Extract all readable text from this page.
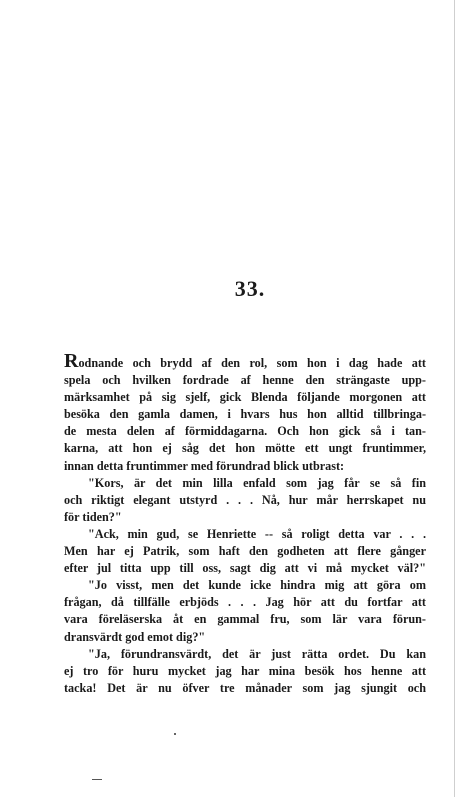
33.
Rodnande och brydd af den rol, som hon i dag hade att
spela och hvilken fordrade af henne den strängaste upp-
märksamhet på sig sjelf, gick Blenda följande morgonen att
besöka den gamla damen, i hvars hus hon alltid tillbringa-
de mesta delen af förmiddagarna. Och hon gick så i tan-
karna, att hon ej såg det hon mötte ett ungt fruntimmer,
innan detta fruntimmer med förundrad blick utbrast:
"Kors, är det min lilla enfald som jag får se så fin
och riktigt elegant utstyrd . . . Nå, hur mår herrskapet nu
för tiden?"
"Ack, min gud, se Henriette -- så roligt detta var . . .
Men har ej Patrik, som haft den godheten att flere gånger
efter jul titta upp till oss, sagt dig att vi må mycket väl?"
"Jo visst, men det kunde icke hindra mig att göra om
frågan, då tillfälle erbjöds . . . Jag hör att du fortfar att
vara föreläserska åt en gammal fru, som lär vara förun-
dransvärdt god emot dig?"
"Ja, förundransvärdt, det är just rätta ordet. Du kan
ej tro för huru mycket jag har mina besök hos henne att
tacka! Det är nu öfver tre månader som jag sjungit och
